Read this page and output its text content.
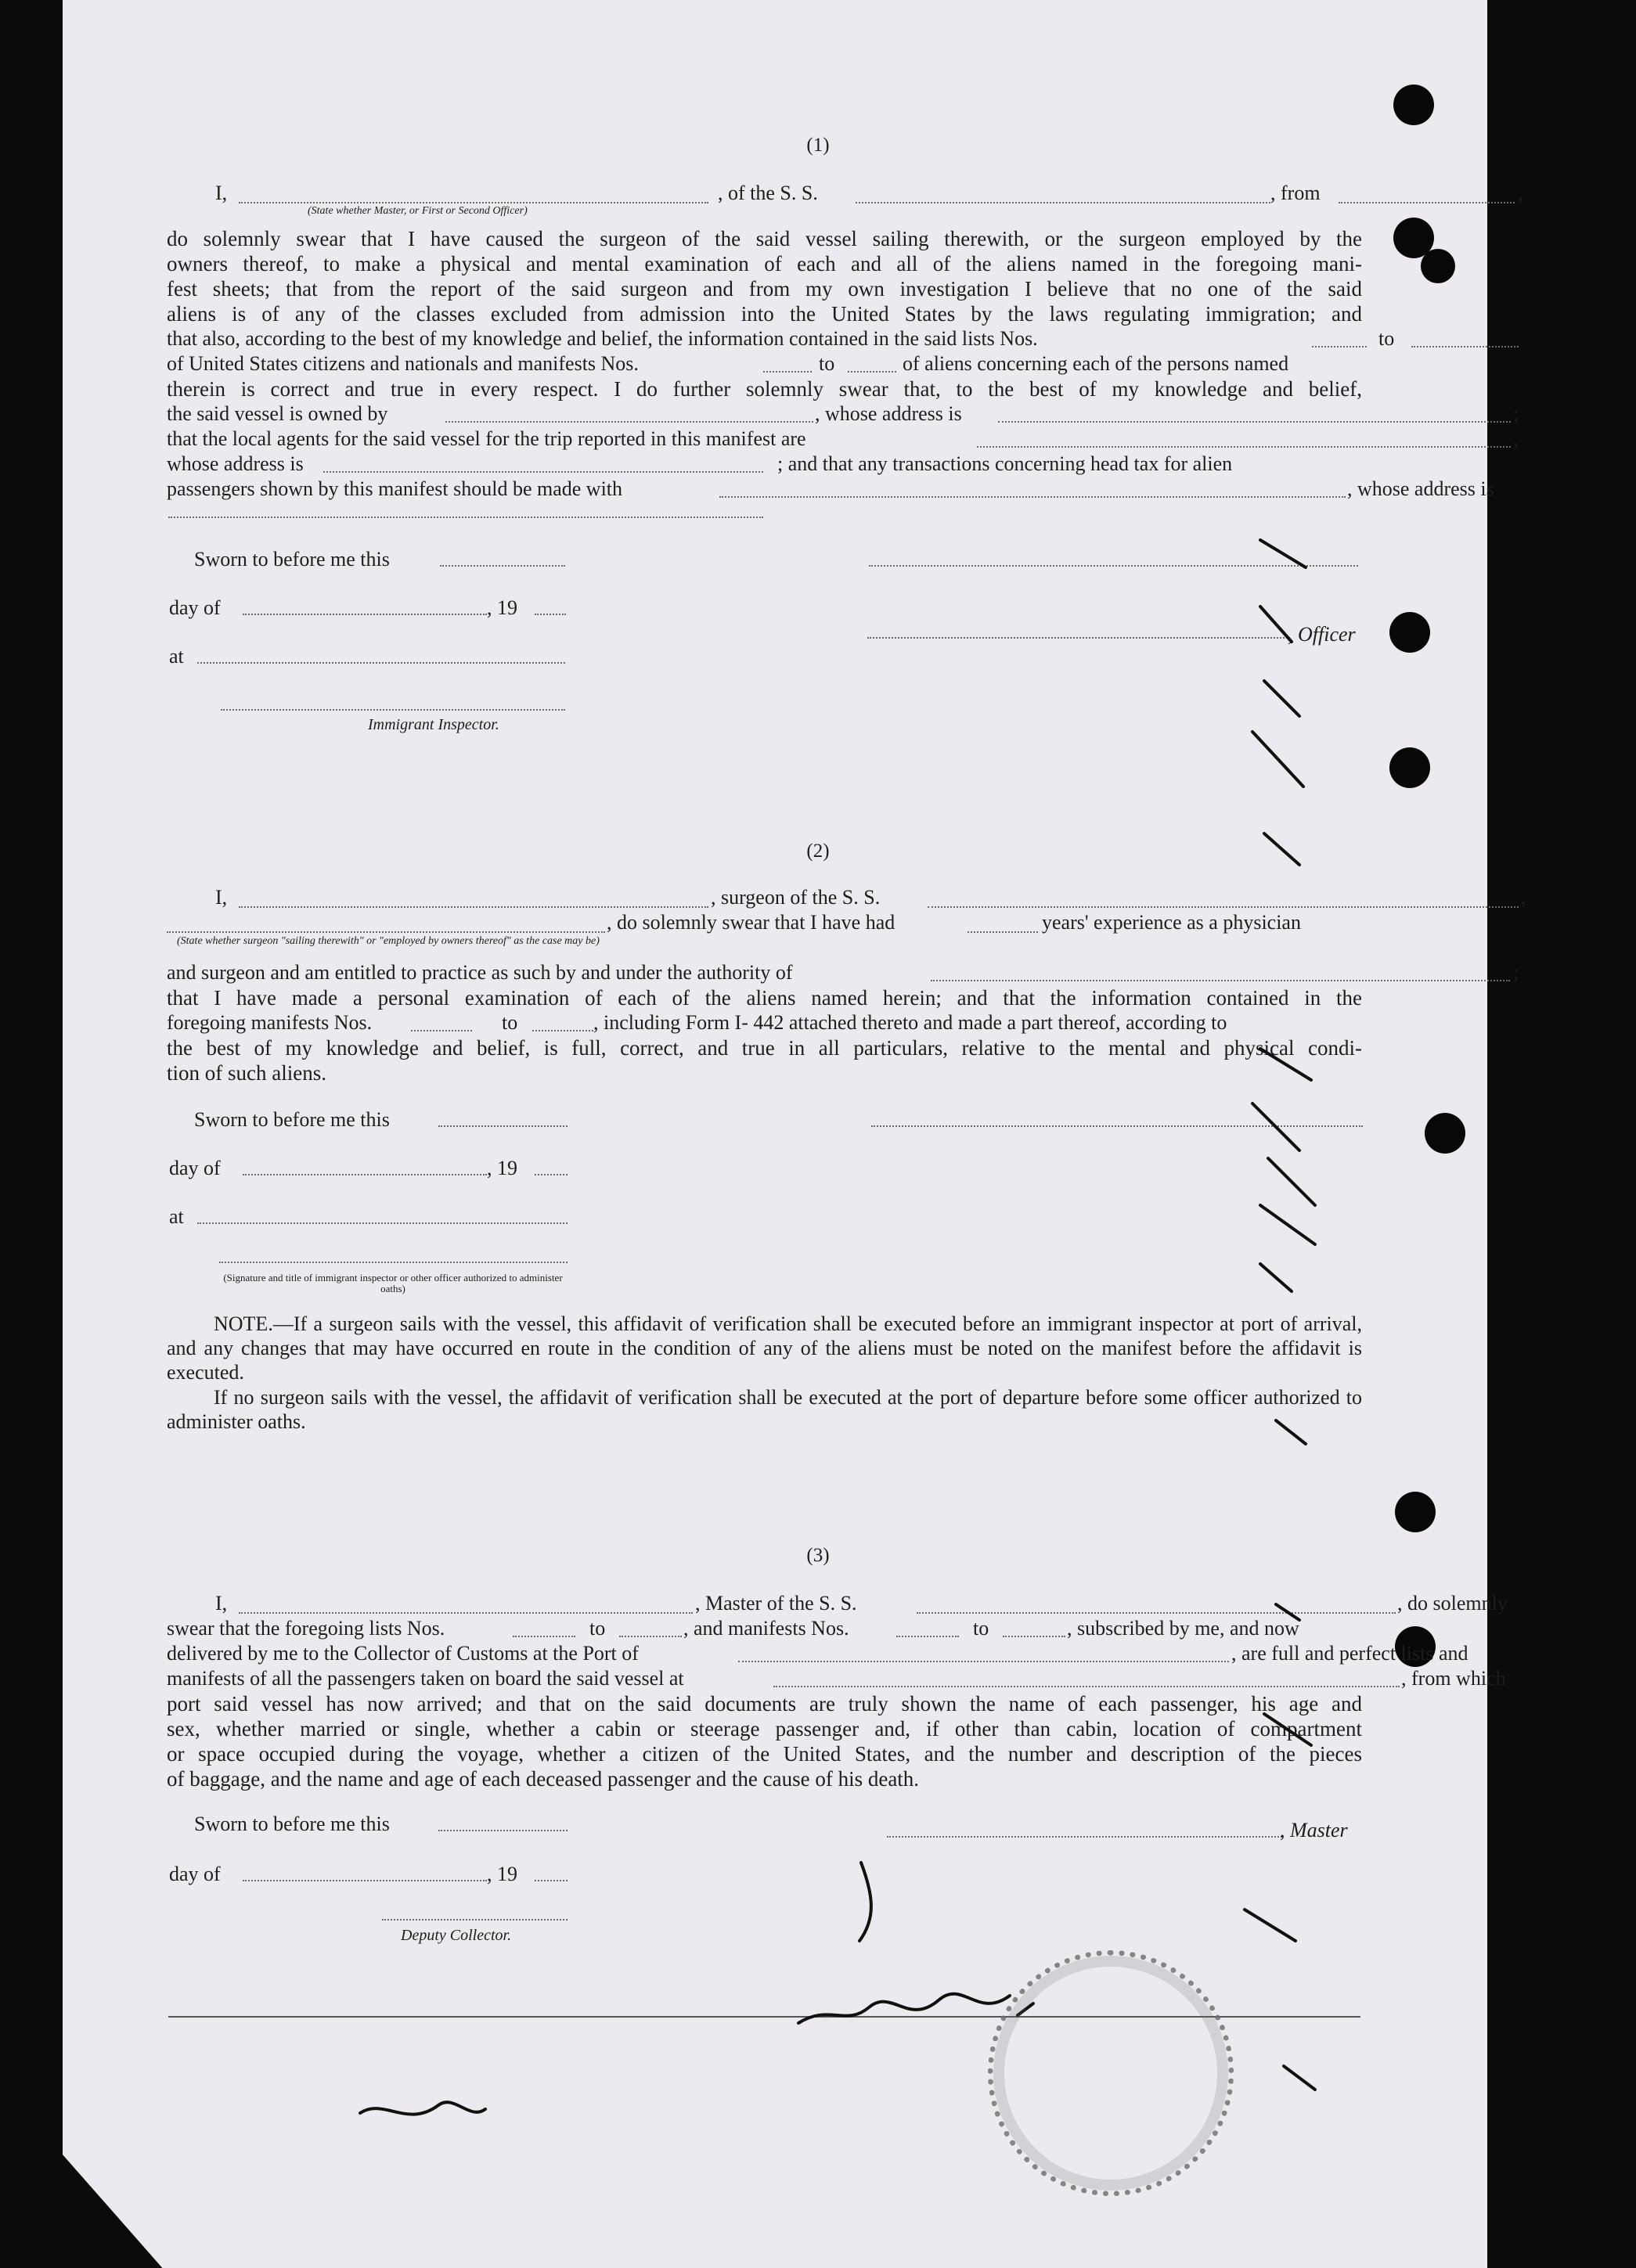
(1)
I,	, of the S. S.	, from	,
(State whether Master, or First or Second Officer)
do solemnly swear that I have caused the surgeon of the said vessel sailing therewith, or the surgeon employed by the
owners thereof, to make a physical and mental examination of each and all of the aliens named in the foregoing mani-
fest sheets; that from the report of the said surgeon and from my own investigation I believe that no one of the said
aliens is of any of the classes excluded from admission into the United States by the laws regulating immigration; and
that also, according to the best of my knowledge and belief, the information contained in the said lists Nos.	to
of United States citizens and nationals and manifests Nos.	to	of aliens concerning each of the persons named
therein is correct and true in every respect. I do further solemnly swear that, to the best of my knowledge and belief,
the said vessel is owned by	, whose address is	;
that the local agents for the said vessel for the trip reported in this manifest are	,
whose address is	; and that any transactions concerning head tax for alien
passengers shown by this manifest should be made with	, whose address is
Sworn to before me this
day of	, 19
, Officer
at
Immigrant Inspector.
(2)
I,	, surgeon of the S. S.	,
, do solemnly swear that I have had	years' experience as a physician
(State whether surgeon "sailing therewith" or "employed by owners thereof" as the case may be)
and surgeon and am entitled to practice as such by and under the authority of	;
that I have made a personal examination of each of the aliens named herein; and that the information contained in the
foregoing manifests Nos.	to	, including Form I- 442 attached thereto and made a part thereof, according to
the best of my knowledge and belief, is full, correct, and true in all particulars, relative to the mental and physical condi-
tion of such aliens.
Sworn to before me this
day of	, 19
at
(Signature and title of immigrant inspector or other officer authorized to administer oaths)
NOTE.—If a surgeon sails with the vessel, this affidavit of verification shall be executed before an immigrant inspector at port of arrival, and any changes that may have occurred en route in the condition of any of the aliens must be noted on the manifest before the affidavit is executed.
If no surgeon sails with the vessel, the affidavit of verification shall be executed at the port of departure before some officer authorized to administer oaths.
(3)
I,	, Master of the S. S.	, do solemnly
swear that the foregoing lists Nos.	to	, and manifests Nos.	to	, subscribed by me, and now
delivered by me to the Collector of Customs at the Port of	, are full and perfect lists and
manifests of all the passengers taken on board the said vessel at	, from which
port said vessel has now arrived; and that on the said documents are truly shown the name of each passenger, his age and
sex, whether married or single, whether a cabin or steerage passenger and, if other than cabin, location of compartment
or space occupied during the voyage, whether a citizen of the United States, and the number and description of the pieces
of baggage, and the name and age of each deceased passenger and the cause of his death.
Sworn to before me this	, Master
day of	, 19
Deputy Collector.
